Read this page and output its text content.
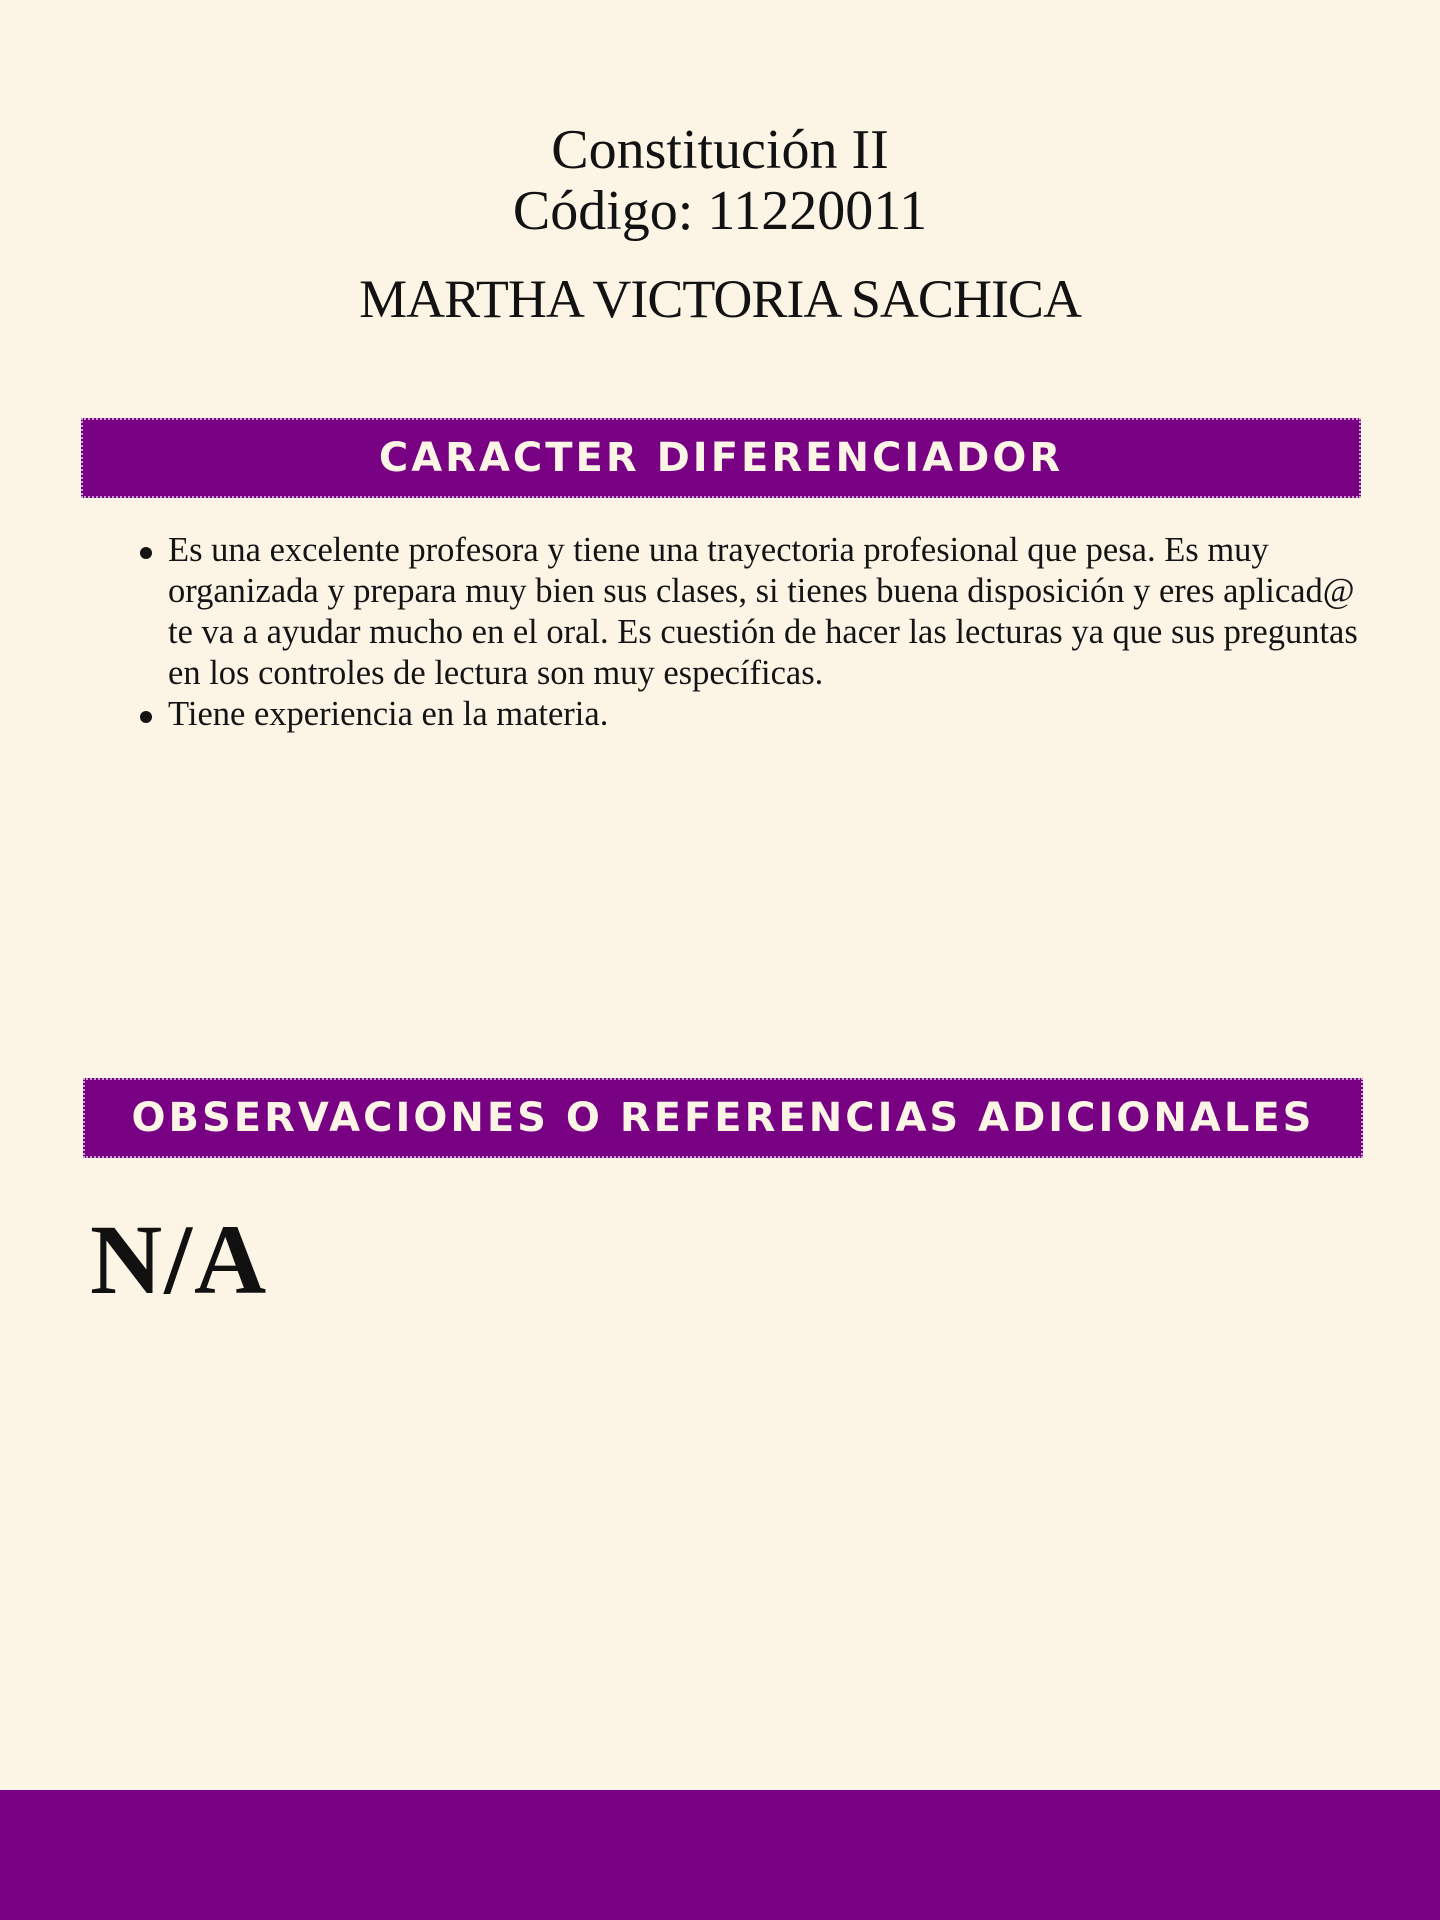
Constitución II
Código: 11220011
MARTHA VICTORIA SACHICA
CARACTER DIFERENCIADOR
Es una excelente profesora y tiene una trayectoria profesional que pesa. Es muy organizada y prepara muy bien sus clases, si tienes buena disposición y eres aplicad@ te va a ayudar mucho en el oral. Es cuestión de hacer las lecturas ya que sus preguntas en los controles de lectura son muy específicas.
Tiene experiencia en la materia.
OBSERVACIONES O REFERENCIAS ADICIONALES
N/A
